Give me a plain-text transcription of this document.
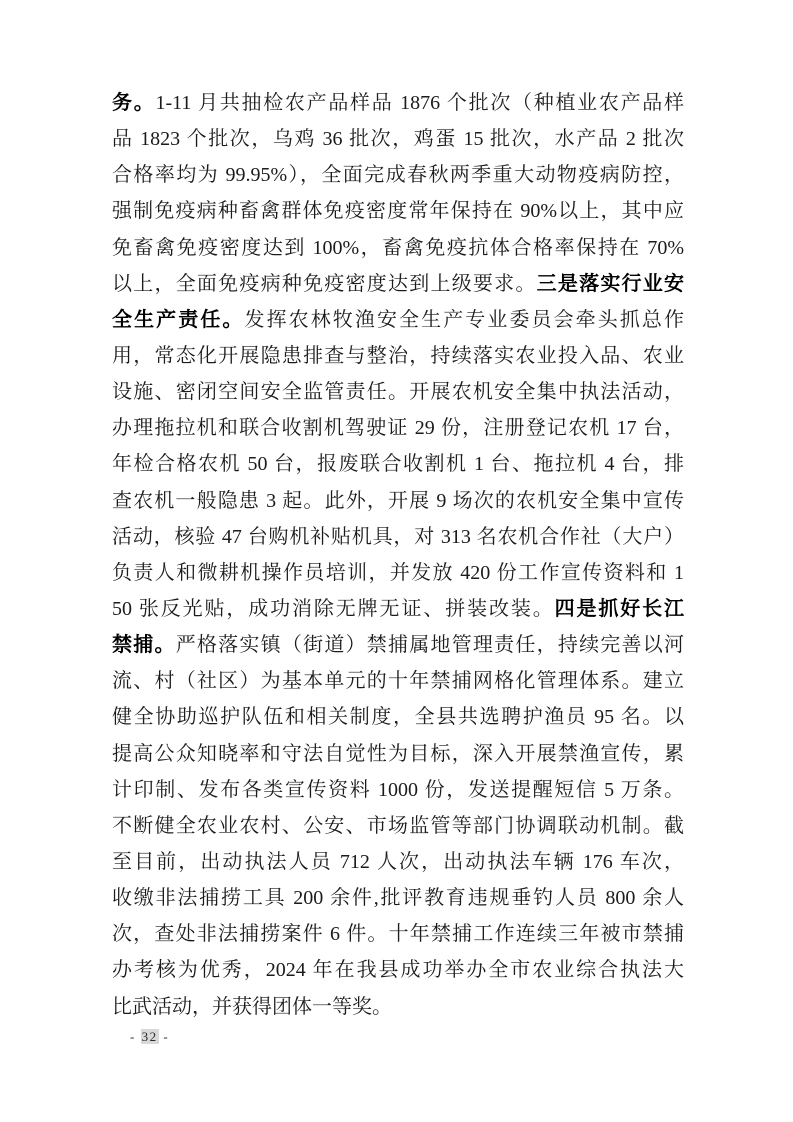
务。1-11 月共抽检农产品样品 1876 个批次（种植业农产品样
品 1823 个批次，乌鸡 36 批次，鸡蛋 15 批次，水产品 2 批次
合格率均为 99.95%），全面完成春秋两季重大动物疫病防控，
强制免疫病种畜禽群体免疫密度常年保持在 90%以上，其中应
免畜禽免疫密度达到 100%，畜禽免疫抗体合格率保持在 70%
以上，全面免疫病种免疫密度达到上级要求。三是落实行业安
全生产责任。发挥农林牧渔安全生产专业委员会牵头抓总作
用，常态化开展隐患排查与整治，持续落实农业投入品、农业
设施、密闭空间安全监管责任。开展农机安全集中执法活动，
办理拖拉机和联合收割机驾驶证 29 份，注册登记农机 17 台，
年检合格农机 50 台，报废联合收割机 1 台、拖拉机 4 台，排
查农机一般隐患 3 起。此外，开展 9 场次的农机安全集中宣传
活动，核验 47 台购机补贴机具，对 313 名农机合作社（大户）
负责人和微耕机操作员培训，并发放 420 份工作宣传资料和 1
50 张反光贴，成功消除无牌无证、拼装改装。四是抓好长江
禁捕。严格落实镇（街道）禁捕属地管理责任，持续完善以河
流、村（社区）为基本单元的十年禁捕网格化管理体系。建立
健全协助巡护队伍和相关制度，全县共选聘护渔员 95 名。以
提高公众知晓率和守法自觉性为目标，深入开展禁渔宣传，累
计印制、发布各类宣传资料 1000 份，发送提醒短信 5 万条。
不断健全农业农村、公安、市场监管等部门协调联动机制。截
至目前，出动执法人员 712 人次，出动执法车辆 176 车次，
收缴非法捕捞工具 200 余件,批评教育违规垂钓人员 800 余人
次，查处非法捕捞案件 6 件。十年禁捕工作连续三年被市禁捕
办考核为优秀，2024 年在我县成功举办全市农业综合执法大
比武活动，并获得团体一等奖。
- 32 -
